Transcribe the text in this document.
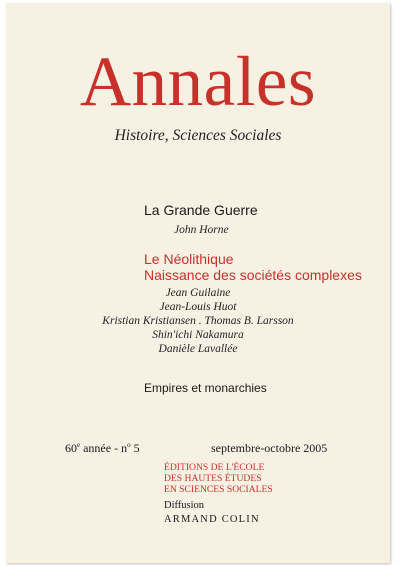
Annales
Histoire, Sciences Sociales
La Grande Guerre
John Horne
Le Néolithique
Naissance des sociétés complexes
Jean Guilaine
Jean-Louis Huot
Kristian Kristiansen . Thomas B. Larsson
Shin'ichi Nakamura
Danièle Lavallée
Empires et monarchies
60e année - $n^o$ 5	septembre-octobre 2005
ÉDITIONS DE L'ÉCOLE
DES HAUTES ÉTUDES
EN SCIENCES SOCIALES
Diffusion
ARMAND COLIN
